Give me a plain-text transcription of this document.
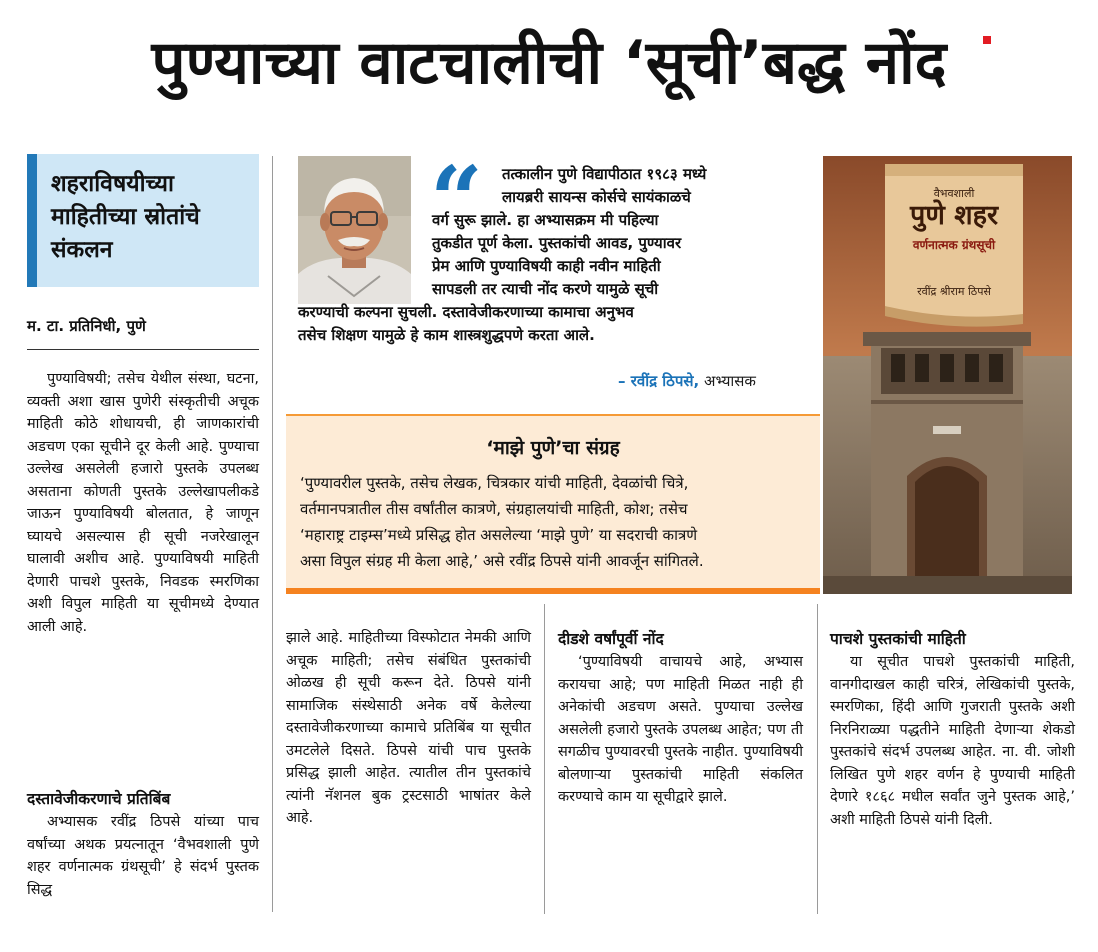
पुण्याच्या वाटचालीची ‘सूची’बद्ध नोंद
शहराविषयीच्या माहितीच्या स्रोतांचे संकलन
म. टा. प्रतिनिधी, पुणे

पुण्याविषयी; तसेच येथील संस्था, घटना, व्यक्ती अशा खास पुणेरी संस्कृतीची अचूक माहिती कोठे शोधायची, ही जाणकारांची अडचण एका सूचीने दूर केली आहे. पुण्याचा उल्लेख असलेली हजारो पुस्तके उपलब्ध असताना कोणती पुस्तके उल्लेखापलीकडे जाऊन पुण्याविषयी बोलतात, हे जाणून घ्यायचे असल्यास ही सूची नजरेखालून घालावी अशीच आहे. पुण्याविषयी माहिती देणारी पाचशे पुस्तके, निवडक स्मरणिका अशी विपुल माहिती या सूचीमध्ये देण्यात आली आहे.

दस्तावेजीकरणाचे प्रतिबिंब

अभ्यासक रवींद्र ठिपसे यांच्या पाच वर्षांच्या अथक प्रयत्नातून ‘वैभवशाली पुणे शहर वर्णनात्मक ग्रंथसूची’ हे संदर्भ पुस्तक सिद्ध

“ तत्कालीन पुणे विद्यापीठात १९८३ मध्ये
लायब्ररी सायन्स कोर्सचे सायंकाळचे
वर्ग सुरू झाले. हा अभ्यासक्रम मी पहिल्या
तुकडीत पूर्ण केला. पुस्तकांची आवड, पुण्यावर
प्रेम आणि पुण्याविषयी काही नवीन माहिती
सापडली तर त्याची नोंद करणे यामुळे सूची
करण्याची कल्पना सुचली. दस्तावेजीकरणाच्या कामाचा अनुभव
तसेच शिक्षण यामुळे हे काम शास्त्रशुद्धपणे करता आले.
– रवींद्र ठिपसे, अभ्यासक
‘माझे पुणे’चा संग्रह
‘पुण्यावरील पुस्तके, तसेच लेखक, चित्रकार यांची माहिती, देवळांची चित्रे,
वर्तमानपत्रातील तीस वर्षांतील कात्रणे, संग्रहालयांची माहिती, कोश; तसेच
‘महाराष्ट्र टाइम्स’मध्ये प्रसिद्ध होत असलेल्या ‘माझे पुणे’ या सदराची कात्रणे
असा विपुल संग्रह मी केला आहे,’ असे रवींद्र ठिपसे यांनी आवर्जून सांगितले.
वैभवशाली
पुणे शहर
वर्णनात्मक ग्रंथसूची
रवींद्र श्रीराम ठिपसे
झाले आहे. माहितीच्या विस्फोटात नेमकी आणि अचूक माहिती; तसेच संबंधित पुस्तकांची ओळख ही सूची करून देते. ठिपसे यांनी सामाजिक संस्थेसाठी अनेक वर्षे केलेल्या दस्तावेजीकरणाच्या कामाचे प्रतिबिंब या सूचीत उमटलेले दिसते. ठिपसे यांची पाच पुस्तके प्रसिद्ध झाली आहेत. त्यातील तीन पुस्तकांचे त्यांनी नॅशनल बुक ट्रस्टसाठी भाषांतर केले आहे.
दीडशे वर्षांपूर्वी नोंद

‘पुण्याविषयी वाचायचे आहे, अभ्यास करायचा आहे; पण माहिती मिळत नाही ही अनेकांची अडचण असते. पुण्याचा उल्लेख असलेली हजारो पुस्तके उपलब्ध आहेत; पण ती सगळीच पुण्यावरची पुस्तके नाहीत. पुण्याविषयी बोलणाऱ्या पुस्तकांची माहिती संकलित करण्याचे काम या सूचीद्वारे झाले.

पाचशे पुस्तकांची माहिती

या सूचीत पाचशे पुस्तकांची माहिती, वानगीदाखल काही चरित्रं, लेखिकांची पुस्तके, स्मरणिका, हिंदी आणि गुजराती पुस्तके अशी निरनिराळ्या पद्धतीने माहिती देणाऱ्या शेकडो पुस्तकांचे संदर्भ उपलब्ध आहेत. ना. वी. जोशी लिखित पुणे शहर वर्णन हे पुण्याची माहिती देणारे १८६८ मधील सर्वांत जुने पुस्तक आहे,’ अशी माहिती ठिपसे यांनी दिली.
